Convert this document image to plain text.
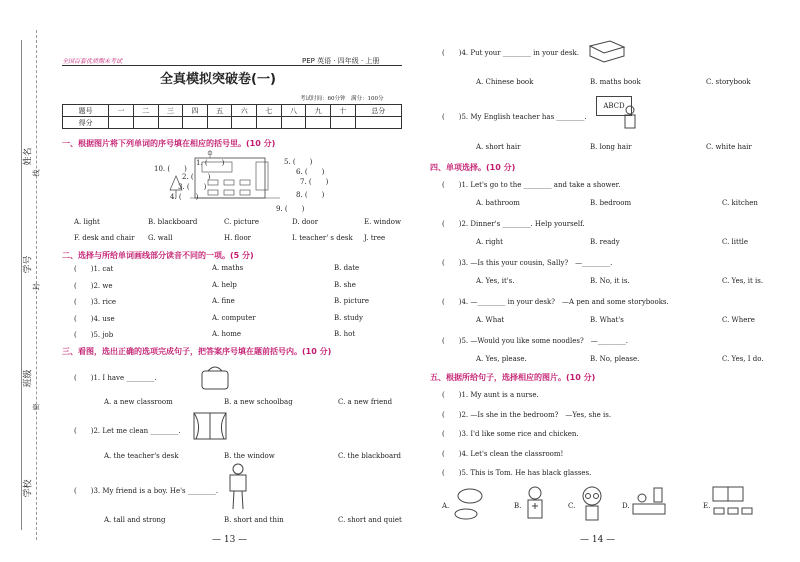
姓名
线
学号
封
班级
密
学校
全国百套优质期末考试	PEP 英语 · 四年级 · 上册
全真模拟突破卷(一)
考试时间：60分钟　满分：100分
题号	一	二	三	四	五	六	七	八	九	十	总分
得分											
一、根据图片将下列单词的序号填在相应的括号里。(10 分)
10. (　　)
1. (　　)
2. (　　)
3. (　　)
4. (　　)
5. (　　)
6. (　　)
7. (　　)
8. (　　)
9. (　　)
A. light	B. blackboard	C. picture	D. door	E. window
F. desk and chair G. wall	H. floor	I. teacher' s desk J. tree
二、选择与所给单词画线部分读音不同的一项。(5 分)
(　　)1. cat	A. maths	B. date
(　　)2. we	A. help	B. she
(　　)3. rice	A. fine	B. picture
(　　)4. use	A. computer	B. study
(　　)5. job	A. home	B. hot
三、看图，选出正确的选项完成句子，把答案序号填在题前括号内。(10 分)
(　　)1. I have ________.
A. a new classroom	B. a new schoolbag	C. a new friend
(　　)2. Let me clean ________.
A. the teacher's desk	B. the window	C. the blackboard
(　　)3. My friend is a boy. He's ________.
A. tall and strong	B. short and thin	C. short and quiet
— 13 —
(　　)4. Put your ________ in your desk.
A. Chinese book	B. maths book	C. storybook
(　　)5. My English teacher has ________.
ABCD
A. short hair	B. long hair	C. white hair
四、单项选择。(10 分)
(　　)1. Let's go to the ________ and take a shower.
A. bathroom	B. bedroom	C. kitchen
(　　)2. Dinner's ________. Help yourself.
A. right	B. ready	C. little
(　　)3. —Is this your cousin, Sally?　—________.
A. Yes, it's.	B. No, it is.	C. Yes, it is.
(　　)4. —________ in your desk?　—A pen and some storybooks.
A. What	B. What's	C. Where
(　　)5. —Would you like some noodles?　—________.
A. Yes, please.	B. No, please.	C. Yes, I do.
五、根据所给句子，选择相应的图片。(10 分)
(　　)1. My aunt is a nurse.
(　　)2. —Is she in the bedroom?　—Yes, she is.
(　　)3. I'd like some rice and chicken.
(　　)4. Let's clean the classroom!
(　　)5. This is Tom. He has black glasses.
A.	B.	C.	D.	E.
— 14 —
